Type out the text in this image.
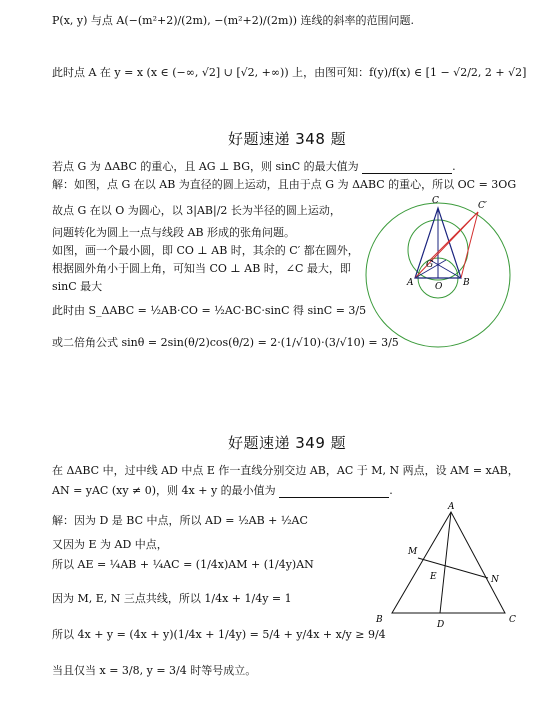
P(x, y) 与点 A(−(m²+2)/(2m), −(m²+2)/(2m)) 连线的斜率的范围问题.
此时点 A 在 y = x (x ∈ (−∞, √2] ∪ [√2, +∞)) 上，由图可知：f(y)/f(x) ∈ [1 − √2/2, 2 + √2]
好题速递 348 题
若点 G 为 ΔABC 的重心，且 AG ⊥ BG，则 sinC 的最大值为	.
解：如图，点 G 在以 AB 为直径的圆上运动，且由于点 G 为 ΔABC 的重心，所以 OC = 3OG
故点 G 在以 O 为圆心，以 3|AB|/2 长为半径的圆上运动，
问题转化为圆上一点与线段 AB 形成的张角问题。
如图，画一个最小圆，即 CO ⊥ AB 时，其余的 C′ 都在圆外，
根据圆外角小于圆上角，可知当 CO ⊥ AB 时，∠C 最大，即
sinC 最大
此时由 S_ΔABC = ½AB·CO = ½AC·BC·sinC 得 sinC = 3/5
或二倍角公式 sinθ = 2sin(θ/2)cos(θ/2) = 2·(1/√10)·(3/√10) = 3/5
C	C′
G
A O B
好题速递 349 题
在 ΔABC 中，过中线 AD 中点 E 作一直线分别交边 AB，AC 于 M, N 两点，设 AM = xAB，
AN = yAC (xy ≠ 0)，则 4x + y 的最小值为	.
解：因为 D 是 BC 中点，所以 AD = ½AB + ½AC
又因为 E 为 AD 中点，
所以 AE = ¼AB + ¼AC = (1/4x)AM + (1/4y)AN
因为 M, E, N 三点共线，所以 1/4x + 1/4y = 1
所以 4x + y = (4x + y)(1/4x + 1/4y) = 5/4 + y/4x + x/y ≥ 9/4
当且仅当 x = 3/8, y = 3/4 时等号成立。
A
M
E	N
B	D	C
